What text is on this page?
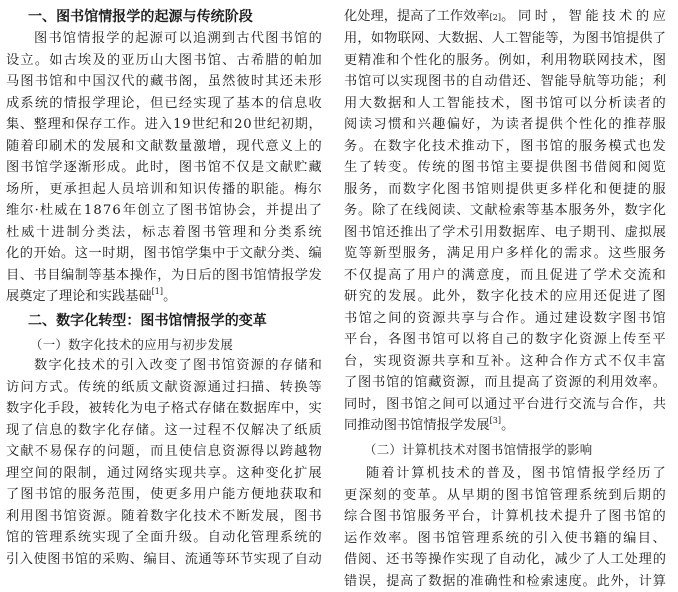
一、图书馆情报学的起源与传统阶段
图 书 馆 情 报 学 的 起 源 可 以 追 溯 到 古 代 图 书 馆 的
设 立 。 如 古 埃 及 的 亚 历 山 大 图 书 馆 、 古 希 腊 的 帕 加
马 图 书 馆 和 中 国 汉 代 的 藏 书 阁 ， 虽 然 彼 时 其 还 未 形
成 系 统 的 情 报 学 理 论 ， 但 已 经 实 现 了 基 本 的 信 息 收
集 、 整 理 和 保 存 工 作 。 进 入 1 9 世 纪 和 2 0 世 纪 初 期 ，
随 着 印 刷 术 的 发 展 和 文 献 数 量 激 增 ， 现 代 意 义 上 的
图 书 馆 学 逐 渐 形 成 。 此 时 ， 图 书 馆 不 仅 是 文 献 贮 藏
场 所 ， 更 承 担 起 人 员 培 训 和 知 识 传 播 的 职 能 。 梅 尔
维 尔 · 杜 威 在 1 8 7 6 年 创 立 了 图 书 馆 协 会 ， 并 提 出 了
杜 威 十 进 制 分 类 法 ， 标 志 着 图 书 管 理 和 分 类 系 统
化 的 开 始 。 这 一 时 期 ， 图 书 馆 学 集 中 于 文 献 分 类 、 编
目 、 书 目 编 制 等 基 本 操 作 ， 为 日 后 的 图 书 馆 情 报 学 发
展奠定了理论和实践基础[1]。
二、数字化转型：图书馆情报学的变革
（一）数字化技术的应用与初步发展
数 字 化 技 术 的 引 入 改 变 了 图 书 馆 资 源 的 存 储 和
访 问 方 式 。 传 统 的 纸 质 文 献 资 源 通 过 扫 描 、 转 换 等
数 字 化 手 段 ， 被 转 化 为 电 子 格 式 存 储 在 数 据 库 中 ， 实
现 了 信 息 的 数 字 化 存 储 。 这 一 过 程 不 仅 解 决 了 纸 质
文 献 不 易 保 存 的 问 题 ， 而 且 使 信 息 资 源 得 以 跨 越 物
理 空 间 的 限 制 ， 通 过 网 络 实 现 共 享 。 这 种 变 化 扩 展
了 图 书 馆 的 服 务 范 围 ， 使 更 多 用 户 能 方 便 地 获 取 和
利 用 图 书 馆 资 源 。 随 着 数 字 化 技 术 不 断 发 展 ， 图 书
馆 的 管 理 系 统 实 现 了 全 面 升 级 。 自 动 化 管 理 系 统 的
引 入 使 图 书 馆 的 采 购 、 编 目 、 流 通 等 环 节 实 现 了 自 动
化处理，提高了工作效率 [2] 。同时，智能技术的应
用 ， 如 物 联 网 、 大 数 据 、 人 工 智 能 等 ， 为 图 书 馆 提 供 了
更 精 准 和 个 性 化 的 服 务 。 例 如 ， 利 用 物 联 网 技 术 ， 图
书 馆 可 以 实 现 图 书 的 自 动 借 还 、 智 能 导 航 等 功 能 ； 利
用 大 数 据 和 人 工 智 能 技 术 ， 图 书 馆 可 以 分 析 读 者 的
阅 读 习 惯 和 兴 趣 偏 好 ， 为 读 者 提 供 个 性 化 的 推 荐 服
务 。 在 数 字 化 技 术 推 动 下 ， 图 书 馆 的 服 务 模 式 也 发
生 了 转 变 。 传 统 的 图 书 馆 主 要 提 供 图 书 借 阅 和 阅 览
服 务 ， 而 数 字 化 图 书 馆 则 提 供 更 多 样 化 和 便 捷 的 服
务 。 除 了 在 线 阅 读 、 文 献 检 索 等 基 本 服 务 外 ， 数 字 化
图 书 馆 还 推 出 了 学 术 引 用 数 据 库 、 电 子 期 刊 、 虚 拟 展
览 等 新 型 服 务 ， 满 足 用 户 多 样 化 的 需 求 。 这 些 服 务
不 仅 提 高 了 用 户 的 满 意 度 ， 而 且 促 进 了 学 术 交 流 和
研 究 的 发 展 。 此 外 ， 数 字 化 技 术 的 应 用 还 促 进 了 图
书 馆 之 间 的 资 源 共 享 与 合 作 。 通 过 建 设 数 字 图 书 馆
平 台 ， 各 图 书 馆 可 以 将 自 己 的 数 字 化 资 源 上 传 至 平
台 ， 实 现 资 源 共 享 和 互 补 。 这 种 合 作 方 式 不 仅 丰 富
了 图 书 馆 的 馆 藏 资 源 ， 而 且 提 高 了 资 源 的 利 用 效 率 。
同 时 ， 图 书 馆 之 间 可 以 通 过 平 台 进 行 交 流 与 合 作 ， 共
同推动图书馆情报学发展[3]。
（二）计算机技术对图书馆情报学的影响
随 着 计 算 机 技 术 的 普 及 ， 图 书 馆 情 报 学 经 历 了
更 深 刻 的 变 革 。 从 早 期 的 图 书 馆 管 理 系 统 到 后 期 的
综 合 图 书 馆 服 务 平 台 ， 计 算 机 技 术 提 升 了 图 书 馆 的
运 作 效 率 。 图 书 馆 管 理 系 统 的 引 入 使 书 籍 的 编 目 、
借 阅 、 还 书 等 操 作 实 现 了 自 动 化 ， 减 少 了 人 工 处 理 的
错 误 ， 提 高 了 数 据 的 准 确 性 和 检 索 速 度 。 此 外 ， 计 算
